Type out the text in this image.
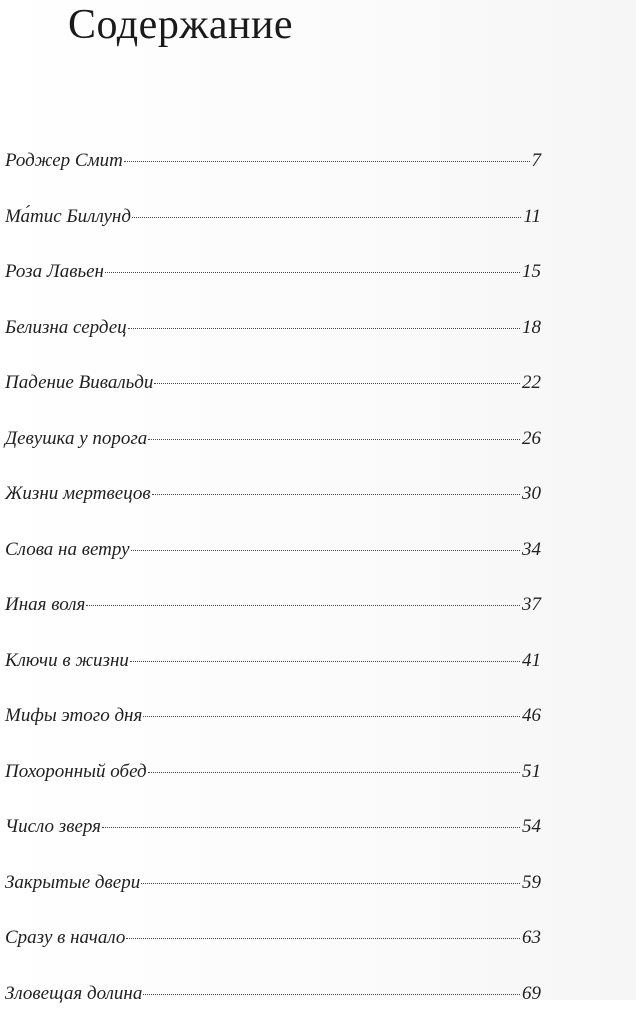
Содержание
Роджер Смит	7
Ма́тис Биллунд	11
Роза Лавьен	15
Белизна сердец	18
Падение Вивальди	22
Девушка у порога	26
Жизни мертвецов	30
Слова на ветру	34
Иная воля	37
Ключи в жизни	41
Мифы этого дня	46
Похоронный обед	51
Число зверя	54
Закрытые двери	59
Сразу в начало	63
Зловещая долина	69
